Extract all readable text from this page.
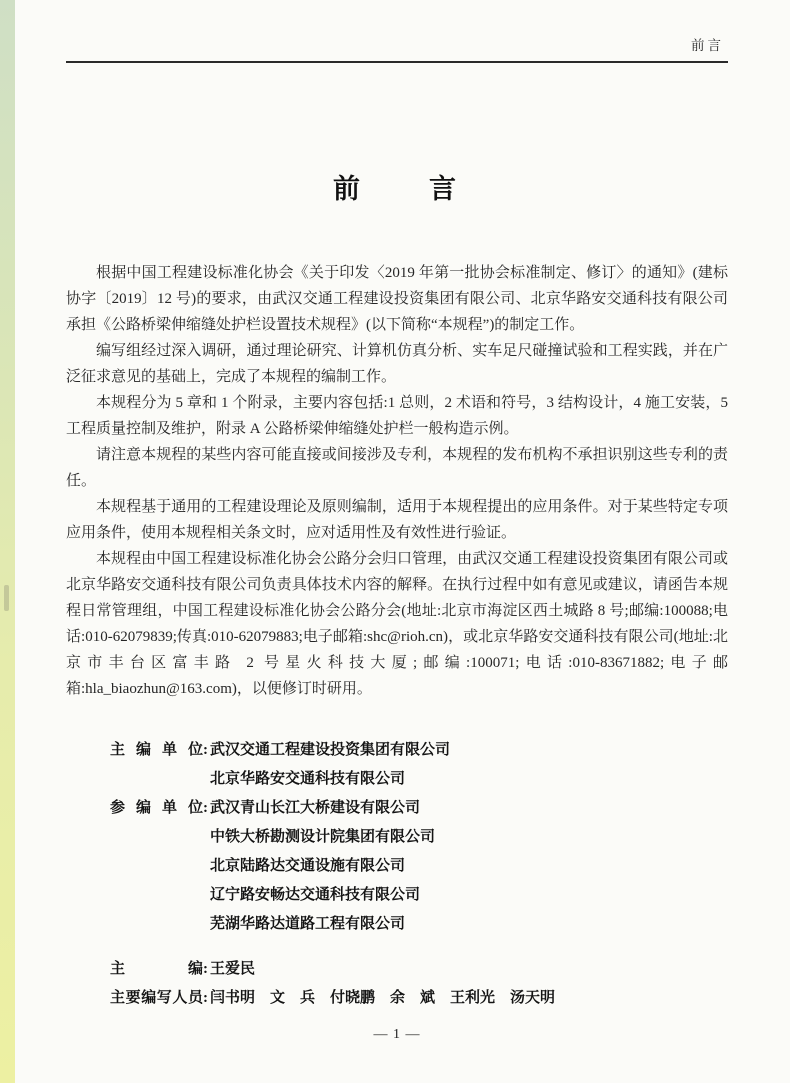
前言
前　　言

根据中国工程建设标准化协会《关于印发〈2019 年第一批协会标准制定、修订〉的通知》(建标协字〔2019〕12 号)的要求，由武汉交通工程建设投资集团有限公司、北京华路安交通科技有限公司承担《公路桥梁伸缩缝处护栏设置技术规程》(以下简称“本规程”)的制定工作。

编写组经过深入调研，通过理论研究、计算机仿真分析、实车足尺碰撞试验和工程实践，并在广泛征求意见的基础上，完成了本规程的编制工作。

本规程分为 5 章和 1 个附录，主要内容包括:1 总则，2 术语和符号，3 结构设计，4 施工安装，5 工程质量控制及维护，附录 A 公路桥梁伸缩缝处护栏一般构造示例。

请注意本规程的某些内容可能直接或间接涉及专利，本规程的发布机构不承担识别这些专利的责任。

本规程基于通用的工程建设理论及原则编制，适用于本规程提出的应用条件。对于某些特定专项应用条件，使用本规程相关条文时，应对适用性及有效性进行验证。

本规程由中国工程建设标准化协会公路分会归口管理，由武汉交通工程建设投资集团有限公司或北京华路安交通科技有限公司负责具体技术内容的解释。在执行过程中如有意见或建议，请函告本规程日常管理组，中国工程建设标准化协会公路分会(地址:北京市海淀区西土城路 8 号;邮编:100088;电话:010-62079839;传真:010-62079883;电子邮箱:shc@rioh.cn)，或北京华路安交通科技有限公司(地址:北京市丰台区富丰路 2 号星火科技大厦;邮编:100071;电话:010-83671882;电子邮箱:hla_biaozhun@163.com)，以便修订时研用。

主编单位 : 武汉交通工程建设投资集团有限公司
北京华路安交通科技有限公司
参编单位 : 武汉青山长江大桥建设有限公司
中铁大桥勘测设计院集团有限公司
北京陆路达交通设施有限公司
辽宁路安畅达交通科技有限公司
芜湖华路达道路工程有限公司
主编 : 王爱民
主要编写人员 : 闫书明　文　兵　付晓鹏　余　斌　王利光　汤天明
— 1 —
